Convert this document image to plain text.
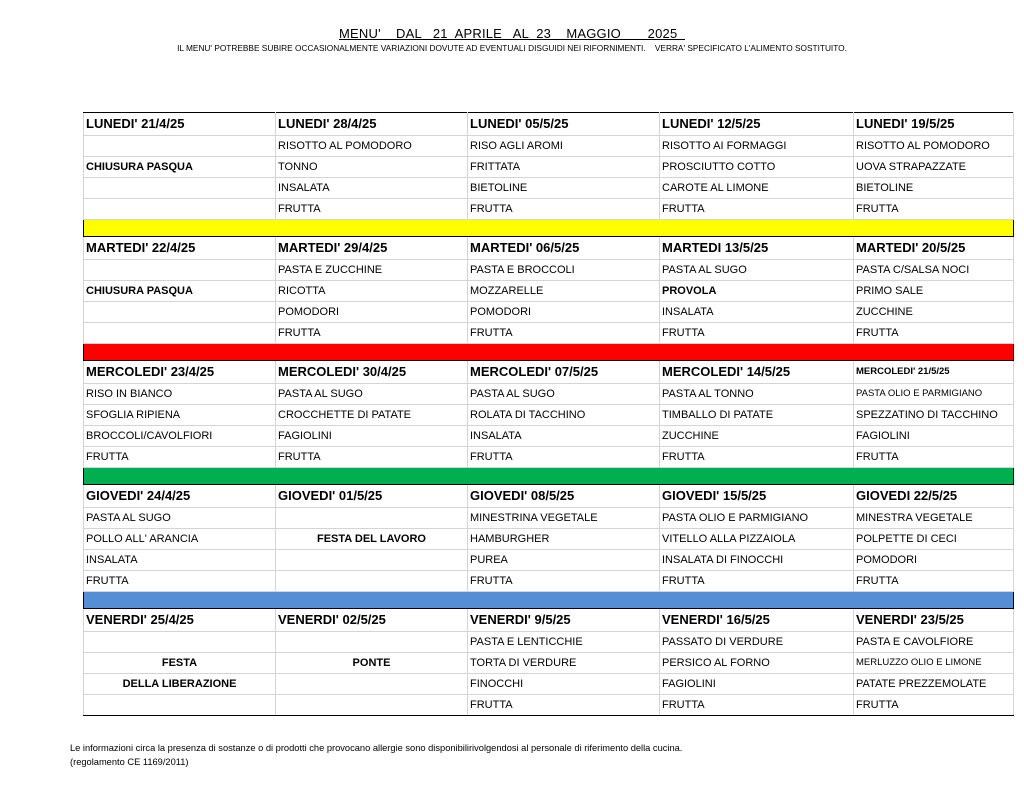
MENU'    DAL   21  APRILE   AL  23    MAGGIO       2025
IL MENU' POTREBBE SUBIRE OCCASIONALMENTE VARIAZIONI DOVUTE AD EVENTUALI DISGUIDI NEI RIFORNIMENTI.    VERRA' SPECIFICATO L'ALIMENTO SOSTITUITO.
LUNEDI' 21/4/25	LUNEDI' 28/4/25	LUNEDI' 05/5/25	LUNEDI' 12/5/25	LUNEDI' 19/5/25
	RISOTTO AL POMODORO	RISO AGLI AROMI	RISOTTO AI FORMAGGI	RISOTTO AL POMODORO
CHIUSURA PASQUA	TONNO	FRITTATA	PROSCIUTTO COTTO	UOVA STRAPAZZATE
	INSALATA	BIETOLINE	CAROTE AL LIMONE	BIETOLINE
	FRUTTA	FRUTTA	FRUTTA	FRUTTA

MARTEDI' 22/4/25	MARTEDI' 29/4/25	MARTEDI' 06/5/25	MARTEDI 13/5/25	MARTEDI' 20/5/25
	PASTA E ZUCCHINE	PASTA E BROCCOLI	PASTA AL SUGO	PASTA C/SALSA NOCI
CHIUSURA PASQUA	RICOTTA	MOZZARELLE	PROVOLA	PRIMO SALE
	POMODORI	POMODORI	INSALATA	ZUCCHINE
	FRUTTA	FRUTTA	FRUTTA	FRUTTA

MERCOLEDI' 23/4/25	MERCOLEDI' 30/4/25	MERCOLEDI' 07/5/25	MERCOLEDI' 14/5/25	MERCOLEDI' 21/5/25
RISO IN BIANCO	PASTA AL SUGO	PASTA AL SUGO	PASTA AL TONNO	PASTA OLIO E PARMIGIANO
SFOGLIA RIPIENA	CROCCHETTE DI PATATE	ROLATA DI TACCHINO	TIMBALLO DI PATATE	SPEZZATINO DI TACCHINO
BROCCOLI/CAVOLFIORI	FAGIOLINI	INSALATA	ZUCCHINE	FAGIOLINI
FRUTTA	FRUTTA	FRUTTA	FRUTTA	FRUTTA

GIOVEDI' 24/4/25	GIOVEDI' 01/5/25	GIOVEDI' 08/5/25	GIOVEDI' 15/5/25	GIOVEDI 22/5/25
PASTA AL SUGO		MINESTRINA VEGETALE	PASTA OLIO E PARMIGIANO	MINESTRA VEGETALE
POLLO ALL' ARANCIA	FESTA DEL LAVORO	HAMBURGHER	VITELLO ALLA PIZZAIOLA	POLPETTE DI CECI
INSALATA		PUREA	INSALATA DI FINOCCHI	POMODORI
FRUTTA		FRUTTA	FRUTTA	FRUTTA

VENERDI' 25/4/25	VENERDI' 02/5/25	VENERDI' 9/5/25	VENERDI' 16/5/25	VENERDI' 23/5/25
		PASTA E LENTICCHIE	PASSATO DI VERDURE	PASTA E CAVOLFIORE
FESTA	PONTE	TORTA DI VERDURE	PERSICO AL FORNO	MERLUZZO OLIO E LIMONE
DELLA LIBERAZIONE		FINOCCHI	FAGIOLINI	PATATE PREZZEMOLATE
		FRUTTA	FRUTTA	FRUTTA
Le informazioni circa la presenza di sostanze o di prodotti che provocano allergie sono disponibilirivolgendosi al personale di riferimento della cucina.
(regolamento CE 1169/2011)
